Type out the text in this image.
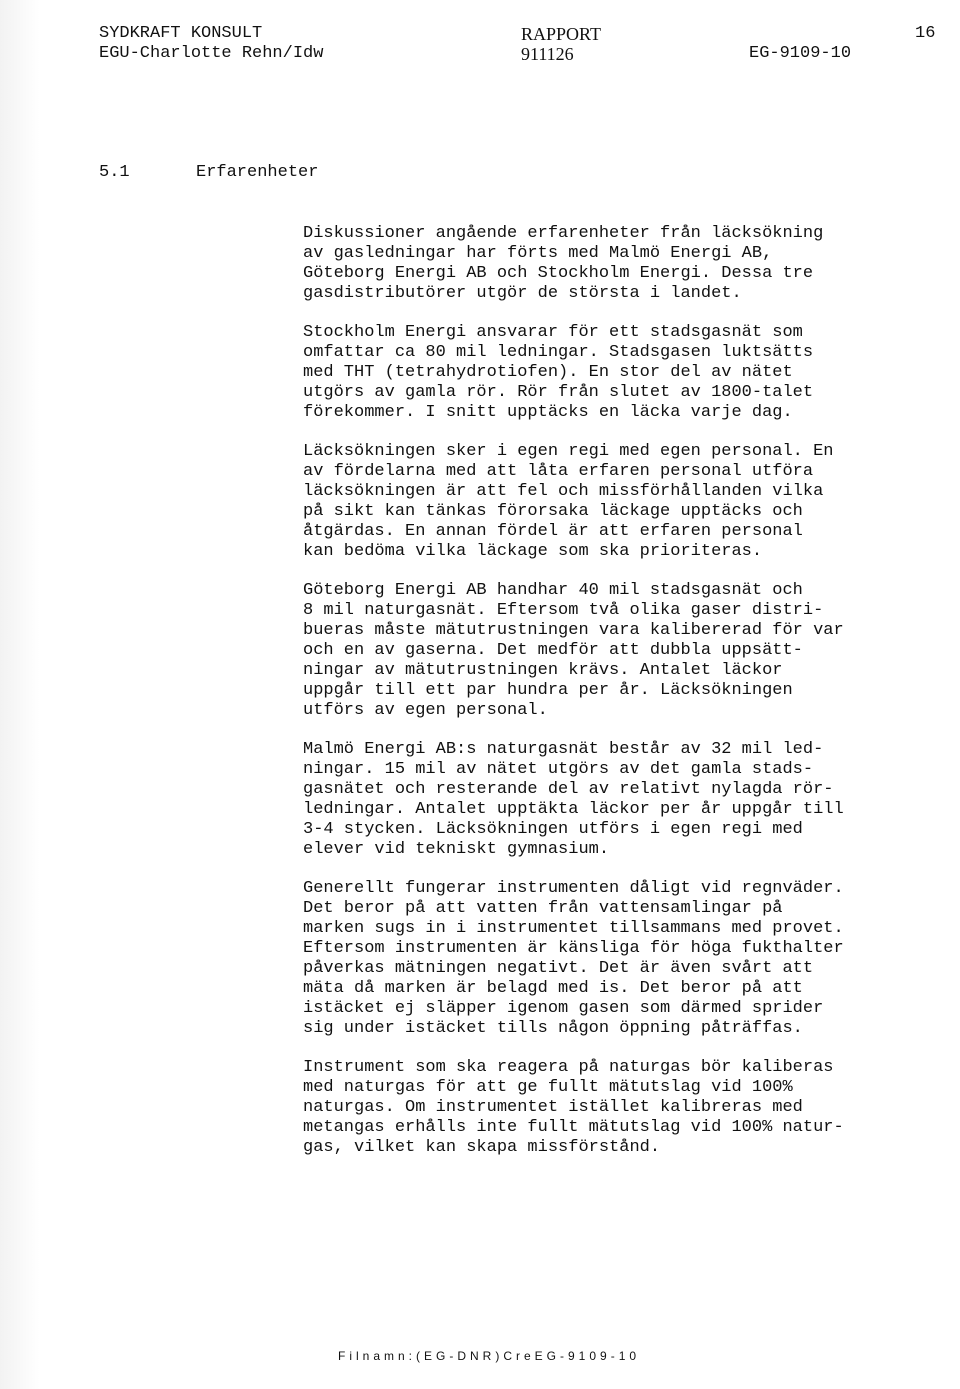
SYDKRAFT KONSULT
EGU-Charlotte Rehn/Idw
RAPPORT
911126
16
EG-9109-10
5.1	Erfarenheter
Diskussioner angående erfarenheter från läcksökning
av gasledningar har förts med Malmö Energi AB,
Göteborg Energi AB och Stockholm Energi. Dessa tre
gasdistributörer utgör de största i landet.
Stockholm Energi ansvarar för ett stadsgasnät som
omfattar ca 80 mil ledningar. Stadsgasen luktsätts
med THT (tetrahydrotiofen). En stor del av nätet
utgörs av gamla rör. Rör från slutet av 1800-talet
förekommer. I snitt upptäcks en läcka varje dag.
Läcksökningen sker i egen regi med egen personal. En
av fördelarna med att låta erfaren personal utföra
läcksökningen är att fel och missförhållanden vilka
på sikt kan tänkas förorsaka läckage upptäcks och
åtgärdas. En annan fördel är att erfaren personal
kan bedöma vilka läckage som ska prioriteras.
Göteborg Energi AB handhar 40 mil stadsgasnät och
8 mil naturgasnät. Eftersom två olika gaser distri-
bueras måste mätutrustningen vara kalibererad för var
och en av gaserna. Det medför att dubbla uppsätt-
ningar av mätutrustningen krävs. Antalet läckor
uppgår till ett par hundra per år. Läcksökningen
utförs av egen personal.
Malmö Energi AB:s naturgasnät består av 32 mil led-
ningar. 15 mil av nätet utgörs av det gamla stads-
gasnätet och resterande del av relativt nylagda rör-
ledningar. Antalet upptäkta läckor per år uppgår till
3-4 stycken. Läcksökningen utförs i egen regi med
elever vid tekniskt gymnasium.
Generellt fungerar instrumenten dåligt vid regnväder.
Det beror på att vatten från vattensamlingar på
marken sugs in i instrumentet tillsammans med provet.
Eftersom instrumenten är känsliga för höga fukthalter
påverkas mätningen negativt. Det är även svårt att
mäta då marken är belagd med is. Det beror på att
istäcket ej släpper igenom gasen som därmed sprider
sig under istäcket tills någon öppning påträffas.
Instrument som ska reagera på naturgas bör kaliberas
med naturgas för att ge fullt mätutslag vid 100%
naturgas. Om instrumentet istället kalibreras med
metangas erhålls inte fullt mätutslag vid 100% natur-
gas, vilket kan skapa missförstånd.
Filnamn:(EG-DNR)CreEG-9109-10
